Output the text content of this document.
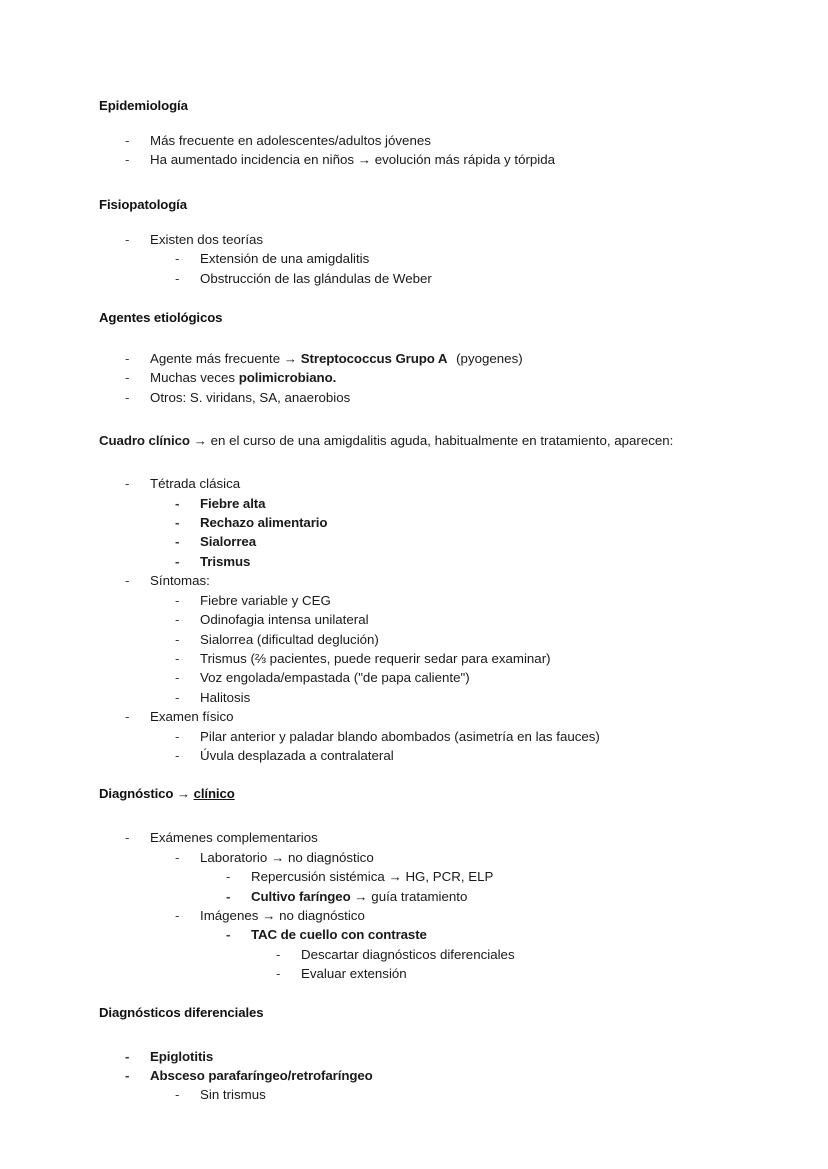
Epidemiología
-	Más frecuente en adolescentes/adultos jóvenes
-	Ha aumentado incidencia en niños → evolución más rápida y tórpida
Fisiopatología
-	Existen dos teorías
-	Extensión de una amigdalitis
-	Obstrucción de las glándulas de Weber
Agentes etiológicos
-	Agente más frecuente → Streptococcus Grupo A (pyogenes)
-	Muchas veces polimicrobiano.
-	Otros: S. viridans, SA, anaerobios

Cuadro clínico → en el curso de una amigdalitis aguda, habitualmente en tratamiento, aparecen:

-	Tétrada clásica
-	Fiebre alta
-	Rechazo alimentario
-	Sialorrea
-	Trismus
-	Síntomas:
-	Fiebre variable y CEG
-	Odinofagia intensa unilateral
-	Sialorrea (dificultad deglución)
-	Trismus (⅔ pacientes, puede requerir sedar para examinar)
-	Voz engolada/empastada ("de papa caliente")
-	Halitosis
-	Examen físico
-	Pilar anterior y paladar blando abombados (asimetría en las fauces)
-	Úvula desplazada a contralateral
Diagnóstico → clínico
-	Exámenes complementarios
-	Laboratorio → no diagnóstico
-	Repercusión sistémica → HG, PCR, ELP
-	Cultivo faríngeo → guía tratamiento
-	Imágenes → no diagnóstico
-	TAC de cuello con contraste
-	Descartar diagnósticos diferenciales
-	Evaluar extensión
Diagnósticos diferenciales
-	Epiglotitis
-	Absceso parafaríngeo/retrofaríngeo
-	Sin trismus
